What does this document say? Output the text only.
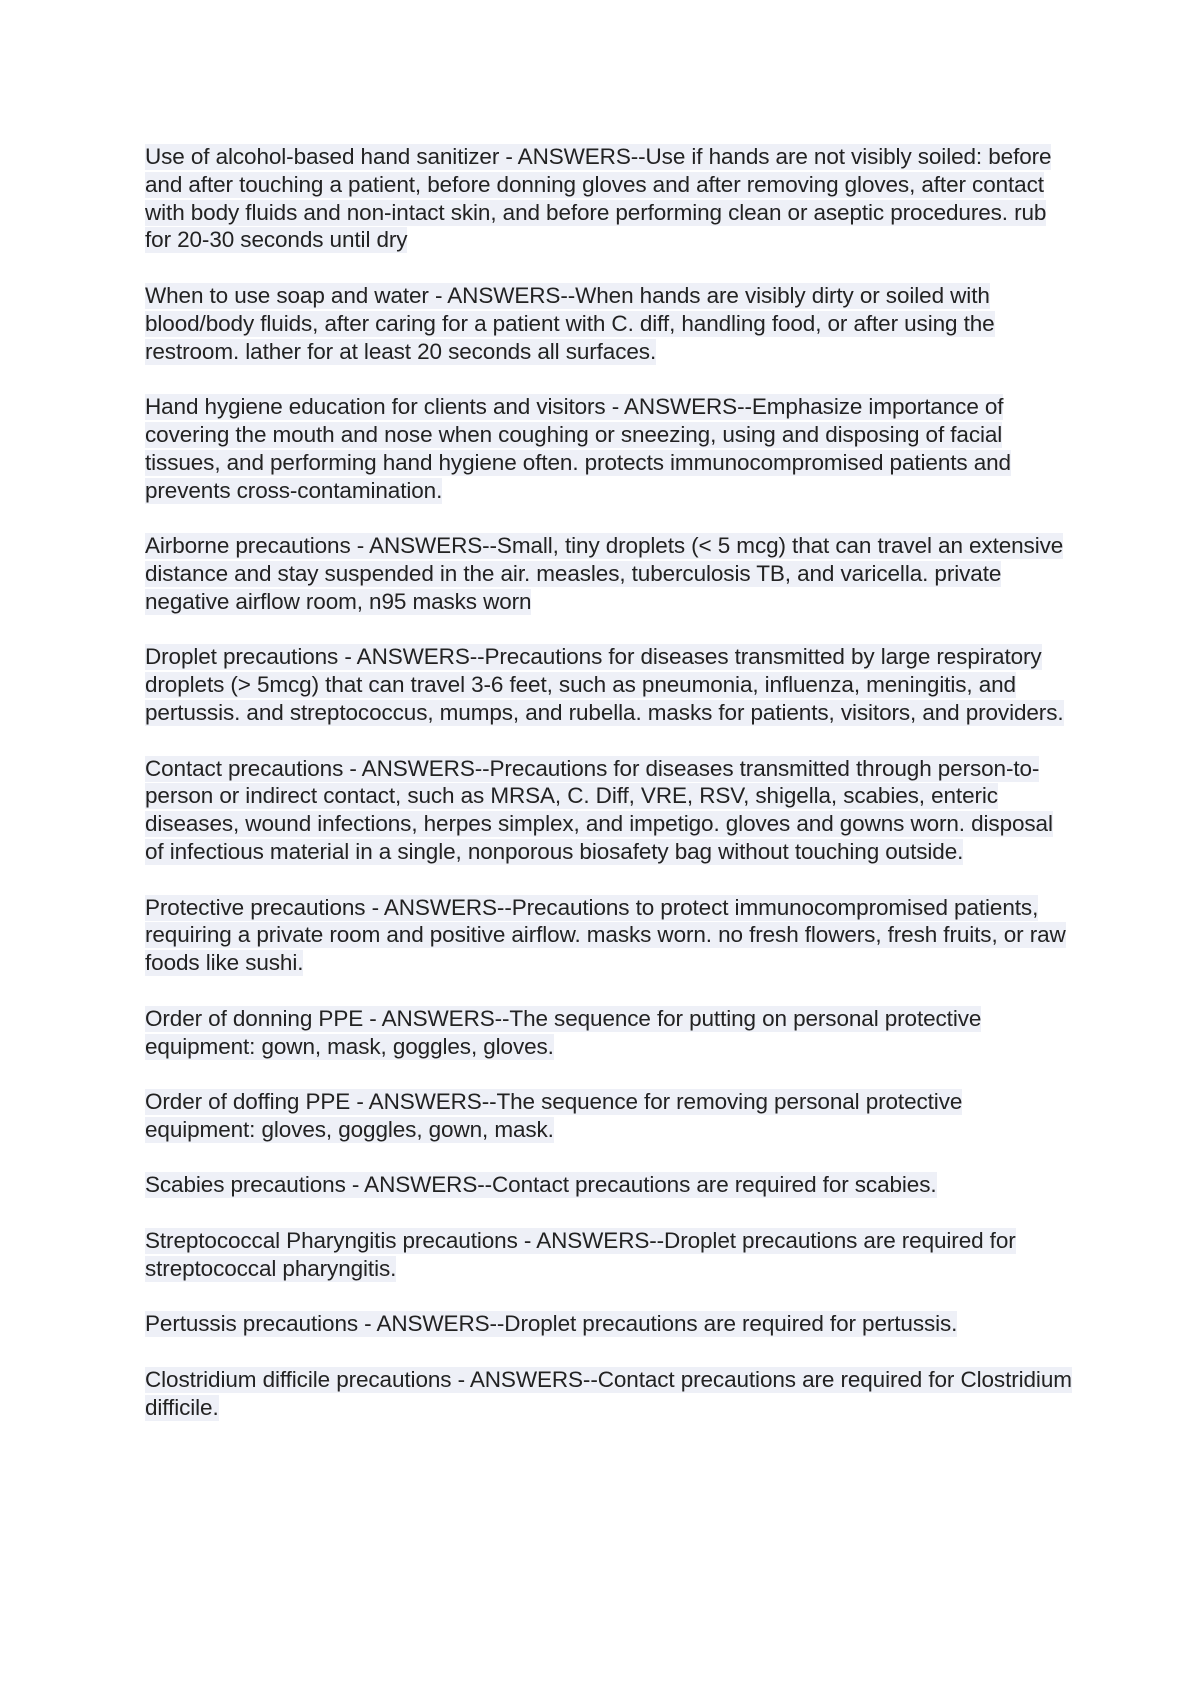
Use of alcohol-based hand sanitizer - ANSWERS--Use if hands are not visibly soiled: before and after touching a patient, before donning gloves and after removing gloves, after contact with body fluids and non-intact skin, and before performing clean or aseptic procedures. rub for 20-30 seconds until dry

When to use soap and water - ANSWERS--When hands are visibly dirty or soiled with blood/body fluids, after caring for a patient with C. diff, handling food, or after using the restroom. lather for at least 20 seconds all surfaces.

Hand hygiene education for clients and visitors - ANSWERS--Emphasize importance of covering the mouth and nose when coughing or sneezing, using and disposing of facial tissues, and performing hand hygiene often. protects immunocompromised patients and prevents cross-contamination.

Airborne precautions - ANSWERS--Small, tiny droplets (< 5 mcg) that can travel an extensive distance and stay suspended in the air. measles, tuberculosis TB, and varicella. private negative airflow room, n95 masks worn

Droplet precautions - ANSWERS--Precautions for diseases transmitted by large respiratory droplets (> 5mcg) that can travel 3-6 feet, such as pneumonia, influenza, meningitis, and pertussis. and streptococcus, mumps, and rubella. masks for patients, visitors, and providers.

Contact precautions - ANSWERS--Precautions for diseases transmitted through person-to-person or indirect contact, such as MRSA, C. Diff, VRE, RSV, shigella, scabies, enteric diseases, wound infections, herpes simplex, and impetigo. gloves and gowns worn. disposal of infectious material in a single, nonporous biosafety bag without touching outside.

Protective precautions - ANSWERS--Precautions to protect immunocompromised patients, requiring a private room and positive airflow. masks worn. no fresh flowers, fresh fruits, or raw foods like sushi.

Order of donning PPE - ANSWERS--The sequence for putting on personal protective equipment: gown, mask, goggles, gloves.

Order of doffing PPE - ANSWERS--The sequence for removing personal protective equipment: gloves, goggles, gown, mask.

Scabies precautions - ANSWERS--Contact precautions are required for scabies.

Streptococcal Pharyngitis precautions - ANSWERS--Droplet precautions are required for streptococcal pharyngitis.

Pertussis precautions - ANSWERS--Droplet precautions are required for pertussis.

Clostridium difficile precautions - ANSWERS--Contact precautions are required for Clostridium difficile.
